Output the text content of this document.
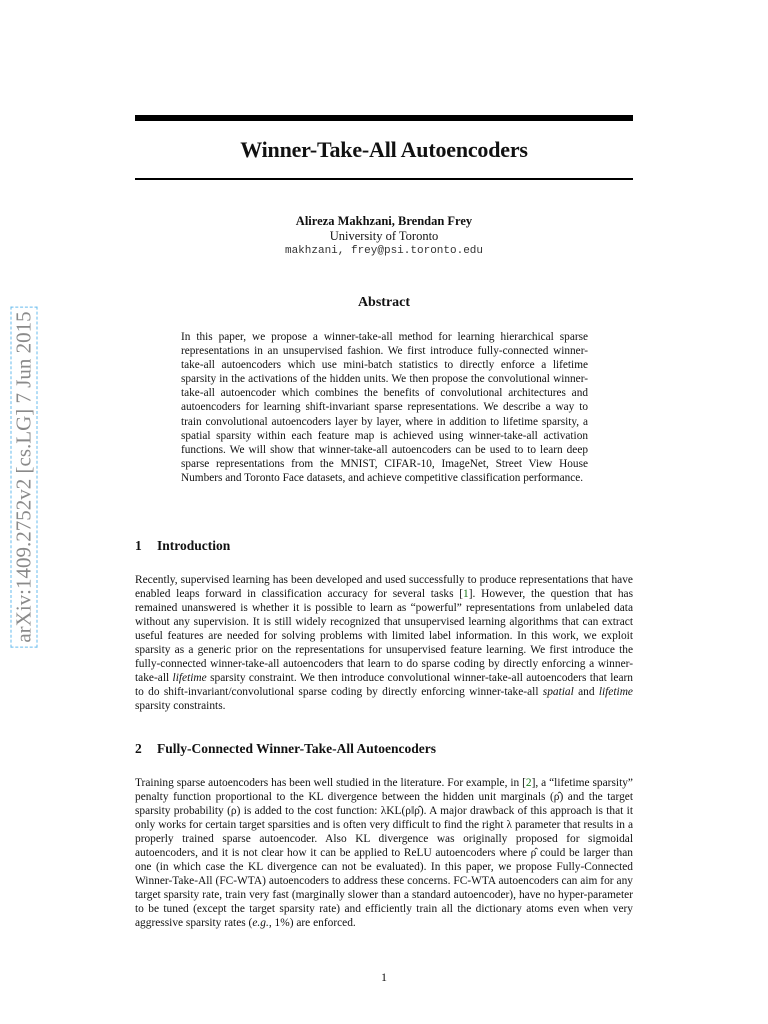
arXiv:1409.2752v2 [cs.LG] 7 Jun 2015
Winner-Take-All Autoencoders
Alireza Makhzani, Brendan Frey
University of Toronto
makhzani, frey@psi.toronto.edu
Abstract
In this paper, we propose a winner-take-all method for learning hierarchical sparse representations in an unsupervised fashion. We first introduce fully-connected winner-take-all autoencoders which use mini-batch statistics to directly enforce a lifetime sparsity in the activations of the hidden units. We then propose the convolutional winner-take-all autoencoder which combines the benefits of convolutional architectures and autoencoders for learning shift-invariant sparse representations. We describe a way to train convolutional autoencoders layer by layer, where in addition to lifetime sparsity, a spatial sparsity within each feature map is achieved using winner-take-all activation functions. We will show that winner-take-all autoencoders can be used to to learn deep sparse representations from the MNIST, CIFAR-10, ImageNet, Street View House Numbers and Toronto Face datasets, and achieve competitive classification performance.
1 Introduction
Recently, supervised learning has been developed and used successfully to produce representations that have enabled leaps forward in classification accuracy for several tasks [1]. However, the question that has remained unanswered is whether it is possible to learn as “powerful” representations from unlabeled data without any supervision. It is still widely recognized that unsupervised learning algorithms that can extract useful features are needed for solving problems with limited label information. In this work, we exploit sparsity as a generic prior on the representations for unsupervised feature learning. We first introduce the fully-connected winner-take-all autoencoders that learn to do sparse coding by directly enforcing a winner-take-all lifetime sparsity constraint. We then introduce convolutional winner-take-all autoencoders that learn to do shift-invariant/convolutional sparse coding by directly enforcing winner-take-all spatial and lifetime sparsity constraints.
2 Fully-Connected Winner-Take-All Autoencoders
Training sparse autoencoders has been well studied in the literature. For example, in [2], a “lifetime sparsity” penalty function proportional to the KL divergence between the hidden unit marginals (ρ̂) and the target sparsity probability (ρ) is added to the cost function: λKL(ρ‖ρ̂). A major drawback of this approach is that it only works for certain target sparsities and is often very difficult to find the right λ parameter that results in a properly trained sparse autoencoder. Also KL divergence was originally proposed for sigmoidal autoencoders, and it is not clear how it can be applied to ReLU autoencoders where ρ̂ could be larger than one (in which case the KL divergence can not be evaluated). In this paper, we propose Fully-Connected Winner-Take-All (FC-WTA) autoencoders to address these concerns. FC-WTA autoencoders can aim for any target sparsity rate, train very fast (marginally slower than a standard autoencoder), have no hyper-parameter to be tuned (except the target sparsity rate) and efficiently train all the dictionary atoms even when very aggressive sparsity rates (e.g., 1%) are enforced.
1
